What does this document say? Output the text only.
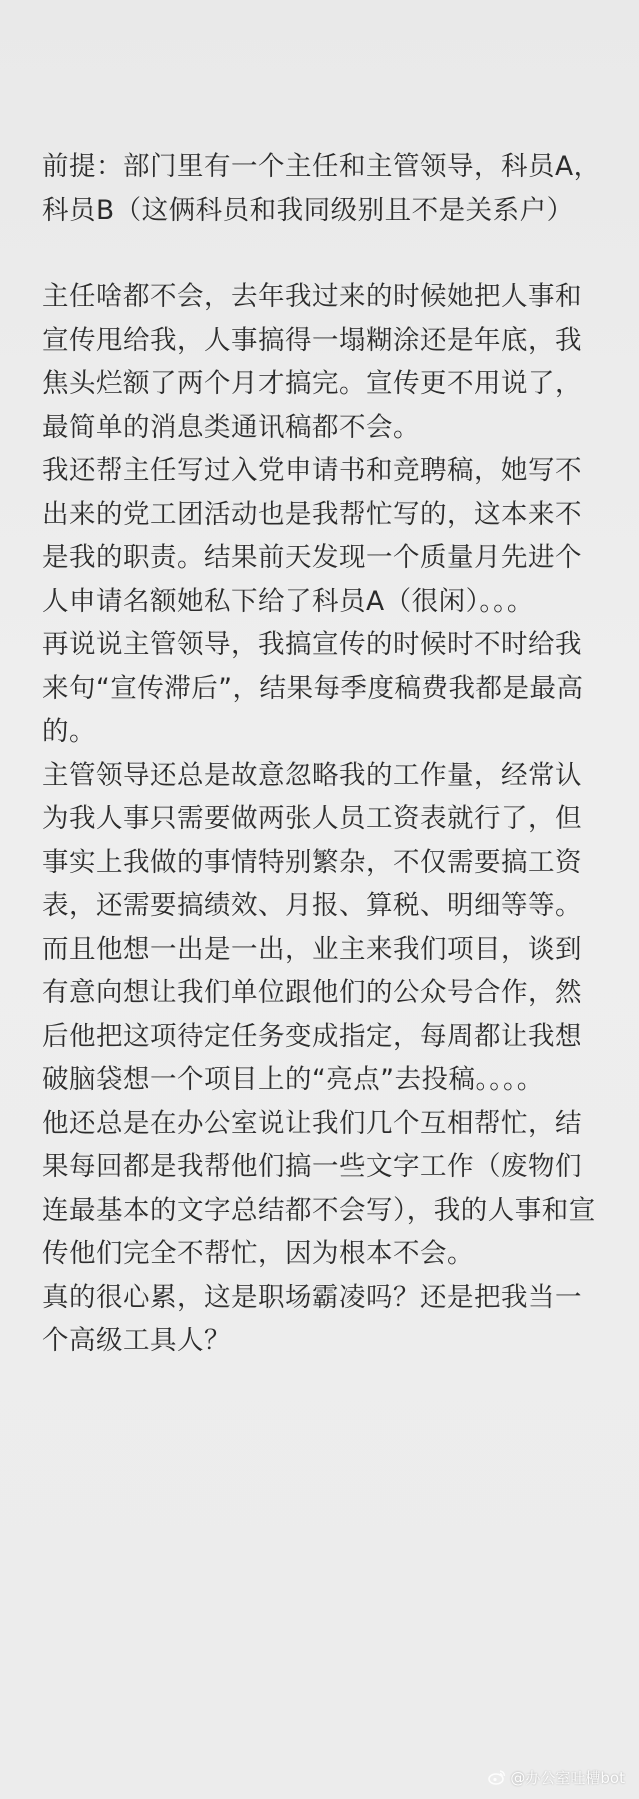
前提：部门里有一个主任和主管领导，科员A，科员B（这俩科员和我同级别且不是关系户）

主任啥都不会，去年我过来的时候她把人事和宣传甩给我，人事搞得一塌糊涂还是年底，我焦头烂额了两个月才搞完。宣传更不用说了，最简单的消息类通讯稿都不会。

我还帮主任写过入党申请书和竞聘稿，她写不出来的党工团活动也是我帮忙写的，这本来不是我的职责。结果前天发现一个质量月先进个人申请名额她私下给了科员A（很闲）。。。

再说说主管领导，我搞宣传的时候时不时给我来句“宣传滞后”，结果每季度稿费我都是最高的。

主管领导还总是故意忽略我的工作量，经常认为我人事只需要做两张人员工资表就行了，但事实上我做的事情特别繁杂，不仅需要搞工资表，还需要搞绩效、月报、算税、明细等等。而且他想一出是一出，业主来我们项目，谈到有意向想让我们单位跟他们的公众号合作，然后他把这项待定任务变成指定，每周都让我想破脑袋想一个项目上的“亮点”去投稿。。。。

他还总是在办公室说让我们几个互相帮忙，结果每回都是我帮他们搞一些文字工作（废物们连最基本的文字总结都不会写），我的人事和宣传他们完全不帮忙，因为根本不会。

真的很心累，这是职场霸凌吗？还是把我当一个高级工具人？

@办公室吐槽bot
